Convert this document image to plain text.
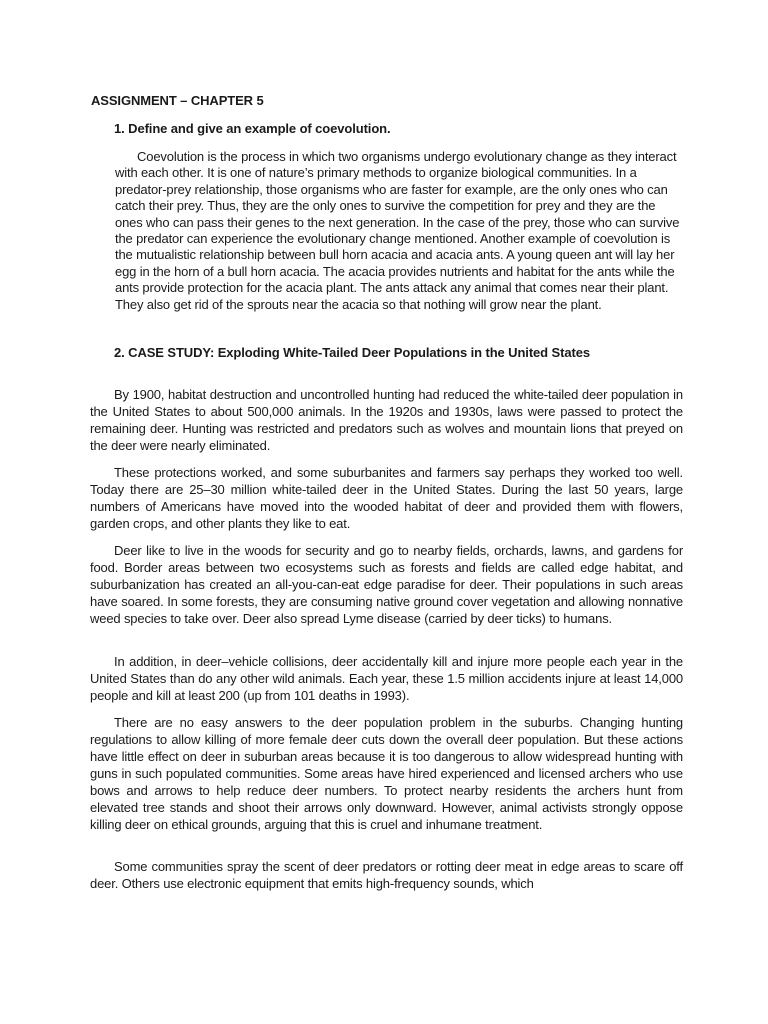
ASSIGNMENT – CHAPTER 5
1. Define and give an example of coevolution.

Coevolution is the process in which two organisms undergo evolutionary change as they interact with each other. It is one of nature’s primary methods to organize biological communities. In a predator-prey relationship, those organisms who are faster for example, are the only ones who can catch their prey. Thus, they are the only ones to survive the competition for prey and they are the ones who can pass their genes to the next generation. In the case of the prey, those who can survive the predator can experience the evolutionary change mentioned. Another example of coevolution is the mutualistic relationship between bull horn acacia and acacia ants. A young queen ant will lay her egg in the horn of a bull horn acacia. The acacia provides nutrients and habitat for the ants while the ants provide protection for the acacia plant. The ants attack any animal that comes near their plant. They also get rid of the sprouts near the acacia so that nothing will grow near the plant.

2. CASE STUDY: Exploding White-Tailed Deer Populations in the United States

By 1900, habitat destruction and uncontrolled hunting had reduced the white-tailed deer population in the United States to about 500,000 animals. In the 1920s and 1930s, laws were passed to protect the remaining deer. Hunting was restricted and predators such as wolves and mountain lions that preyed on the deer were nearly eliminated.

These protections worked, and some suburbanites and farmers say perhaps they worked too well. Today there are 25–30 million white-tailed deer in the United States. During the last 50 years, large numbers of Americans have moved into the wooded habitat of deer and provided them with flowers, garden crops, and other plants they like to eat.

Deer like to live in the woods for security and go to nearby fields, orchards, lawns, and gardens for food. Border areas between two ecosystems such as forests and fields are called edge habitat, and suburbanization has created an all-you-can-eat edge paradise for deer. Their populations in such areas have soared. In some forests, they are consuming native ground cover vegetation and allowing nonnative weed species to take over. Deer also spread Lyme disease (carried by deer ticks) to humans.

In addition, in deer–vehicle collisions, deer accidentally kill and injure more people each year in the United States than do any other wild animals. Each year, these 1.5 million accidents injure at least 14,000 people and kill at least 200 (up from 101 deaths in 1993).

There are no easy answers to the deer population problem in the suburbs. Changing hunting regulations to allow killing of more female deer cuts down the overall deer population. But these actions have little effect on deer in suburban areas because it is too dangerous to allow widespread hunting with guns in such populated communities. Some areas have hired experienced and licensed archers who use bows and arrows to help reduce deer numbers. To protect nearby residents the archers hunt from elevated tree stands and shoot their arrows only downward. However, animal activists strongly oppose killing deer on ethical grounds, arguing that this is cruel and inhumane treatment.

Some communities spray the scent of deer predators or rotting deer meat in edge areas to scare off deer. Others use electronic equipment that emits high-frequency sounds, which
